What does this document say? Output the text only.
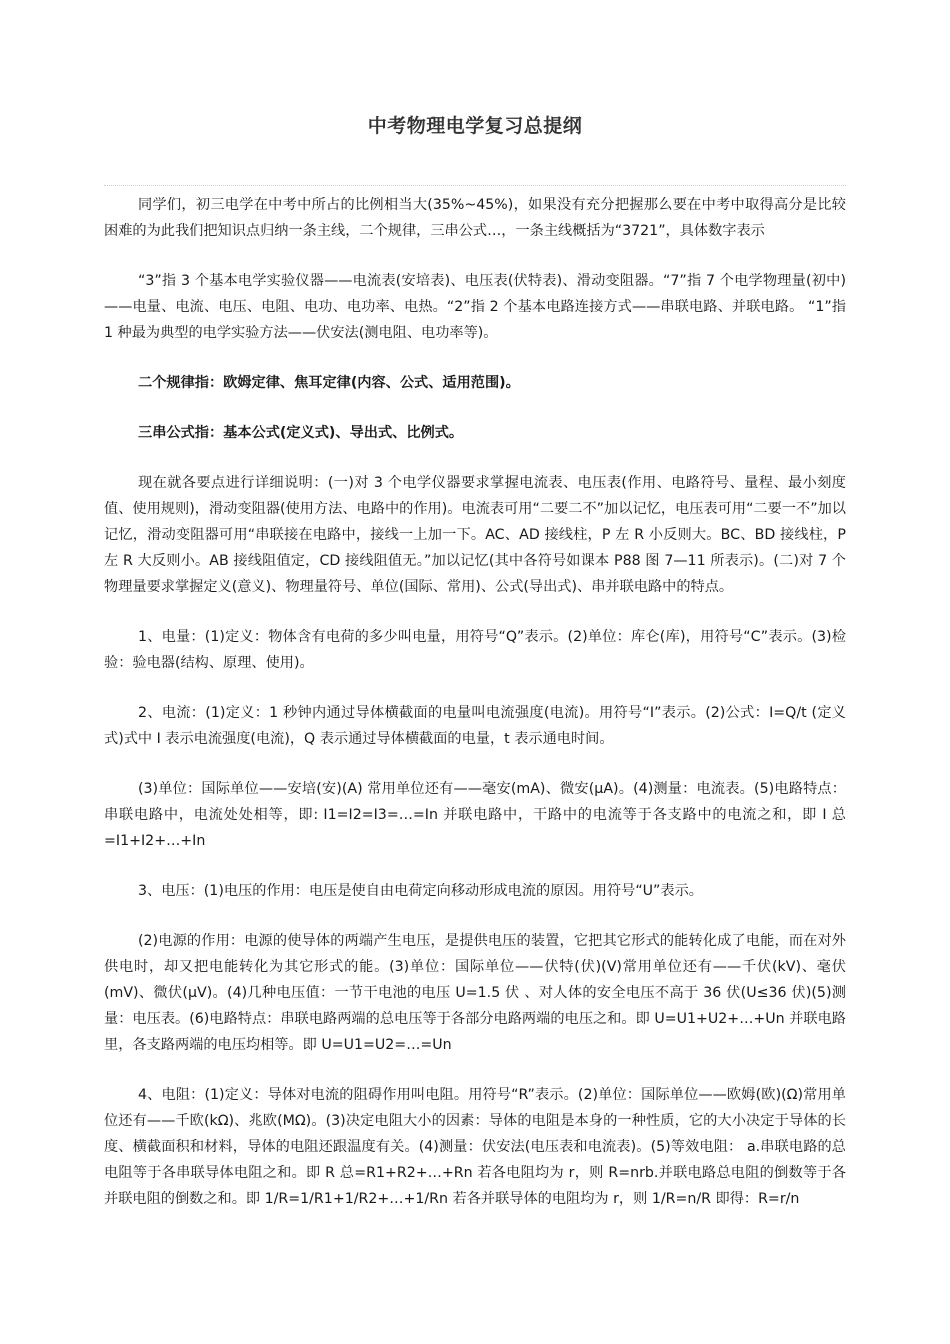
中考物理电学复习总提纲

同学们，初三电学在中考中所占的比例相当大(35%~45%)，如果没有充分把握那么要在中考中取得高分是比较困难的为此我们把知识点归纳一条主线，二个规律，三串公式…，一条主线概括为“3721”，具体数字表示

“3”指 3 个基本电学实验仪器——电流表(安培表)、电压表(伏特表)、滑动变阻器。“7”指 7 个电学物理量(初中)——电量、电流、电压、电阻、电功、电功率、电热。“2”指 2 个基本电路连接方式——串联电路、并联电路。 “1”指 1 种最为典型的电学实验方法——伏安法(测电阻、电功率等)。

二个规律指：欧姆定律、焦耳定律(内容、公式、适用范围)。

三串公式指：基本公式(定义式)、导出式、比例式。

现在就各要点进行详细说明：(一)对 3 个电学仪器要求掌握电流表、电压表(作用、电路符号、量程、最小刻度值、使用规则)，滑动变阻器(使用方法、电路中的作用)。电流表可用“二要二不”加以记忆，电压表可用“二要一不”加以记忆，滑动变阻器可用“串联接在电路中，接线一上加一下。AC、AD 接线柱，P 左 R 小反则大。BC、BD 接线柱，P 左 R 大反则小。AB 接线阻值定，CD 接线阻值无。”加以记忆(其中各符号如课本 P88 图 7—11 所表示)。(二)对 7 个物理量要求掌握定义(意义)、物理量符号、单位(国际、常用)、公式(导出式)、串并联电路中的特点。

1、电量：(1)定义：物体含有电荷的多少叫电量，用符号“Q”表示。(2)单位：库仑(库)，用符号“C”表示。(3)检验：验电器(结构、原理、使用)。

2、电流：(1)定义：1 秒钟内通过导体横截面的电量叫电流强度(电流)。用符号“I”表示。(2)公式：I=Q/t (定义式)式中 I 表示电流强度(电流)，Q 表示通过导体横截面的电量，t 表示通电时间。

(3)单位：国际单位——安培(安)(A) 常用单位还有——毫安(mA)、微安(μA)。(4)测量：电流表。(5)电路特点： 串联电路中，电流处处相等，即: I1=I2=I3=…=In 并联电路中，干路中的电流等于各支路中的电流之和，即 I 总=I1+I2+…+In

3、电压：(1)电压的作用：电压是使自由电荷定向移动形成电流的原因。用符号“U”表示。

(2)电源的作用：电源的使导体的两端产生电压，是提供电压的装置，它把其它形式的能转化成了电能，而在对外供电时，却又把电能转化为其它形式的能。(3)单位：国际单位——伏特(伏)(V)常用单位还有——千伏(kV)、毫伏(mV)、微伏(μV)。(4)几种电压值：一节干电池的电压 U=1.5 伏 、对人体的安全电压不高于 36 伏(U≤36 伏)(5)测量：电压表。(6)电路特点：串联电路两端的总电压等于各部分电路两端的电压之和。即 U=U1+U2+…+Un 并联电路里，各支路两端的电压均相等。即 U=U1=U2=…=Un

4、电阻：(1)定义：导体对电流的阻碍作用叫电阻。用符号“R”表示。(2)单位：国际单位——欧姆(欧)(Ω)常用单位还有——千欧(kΩ)、兆欧(MΩ)。(3)决定电阻大小的因素：导体的电阻是本身的一种性质，它的大小决定于导体的长度、横截面积和材料，导体的电阻还跟温度有关。(4)测量：伏安法(电压表和电流表)。(5)等效电阻： a.串联电路的总电阻等于各串联导体电阻之和。即 R 总=R1+R2+…+Rn 若各电阻均为 r，则 R=nrb.并联电路总电阻的倒数等于各并联电阻的倒数之和。即 1/R=1/R1+1/R2+…+1/Rn 若各并联导体的电阻均为 r，则 1/R=n/R 即得：R=r/n
